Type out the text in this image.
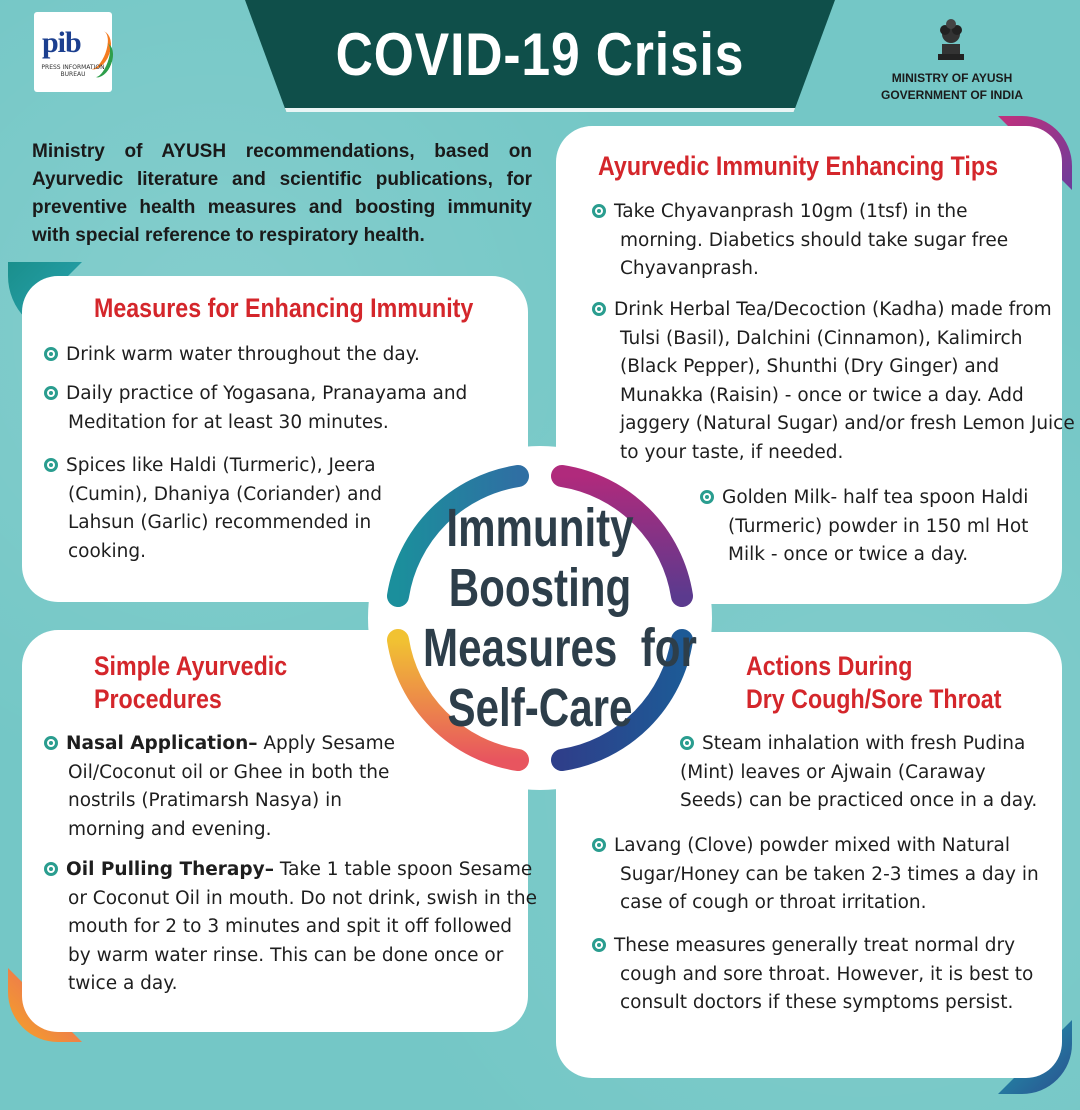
pib
PRESS INFORMATION BUREAU	COVID-19 Crisis	MINISTRY OF AYUSH
GOVERNMENT OF INDIA
Ministry of AYUSH recommendations, based on Ayurvedic literature and scientific publications, for preventive health measures and boosting immunity with special reference to respiratory health.
Measures for Enhancing Immunity
Drink warm water throughout the day.
Daily practice of Yogasana, Pranayama and Meditation for at least 30 minutes.
Spices like Haldi (Turmeric), Jeera (Cumin), Dhaniya (Coriander) and Lahsun (Garlic) recommended in cooking.
Ayurvedic Immunity Enhancing Tips
Take Chyavanprash 10gm (1tsf) in the morning. Diabetics should take sugar free Chyavanprash.
Drink Herbal Tea/Decoction (Kadha) made from Tulsi (Basil), Dalchini (Cinnamon), Kalimirch (Black Pepper), Shunthi (Dry Ginger) and Munakka (Raisin) - once or twice a day. Add jaggery (Natural Sugar) and/or fresh Lemon Juice to your taste, if needed.
Golden Milk- half tea spoon Haldi (Turmeric) powder in 150 ml Hot Milk - once or twice a day.
Simple Ayurvedic
Procedures
Nasal Application– Apply Sesame Oil/Coconut oil or Ghee in both the nostrils (Pratimarsh Nasya) in morning and evening.
Oil Pulling Therapy– Take 1 table spoon Sesame or Coconut Oil in mouth. Do not drink, swish in the mouth for 2 to 3 minutes and spit it off followed by warm water rinse. This can be done once or twice a day.
Actions During
Dry Cough/Sore Throat
Steam inhalation with fresh Pudina (Mint) leaves or Ajwain (Caraway Seeds) can be practiced once in a day.
Lavang (Clove) powder mixed with Natural Sugar/Honey can be taken 2-3 times a day in case of cough or throat irritation.
These measures generally treat normal dry cough and sore throat. However, it is best to consult doctors if these symptoms persist.
Immunity
Boosting
Measures  for
Self-Care
